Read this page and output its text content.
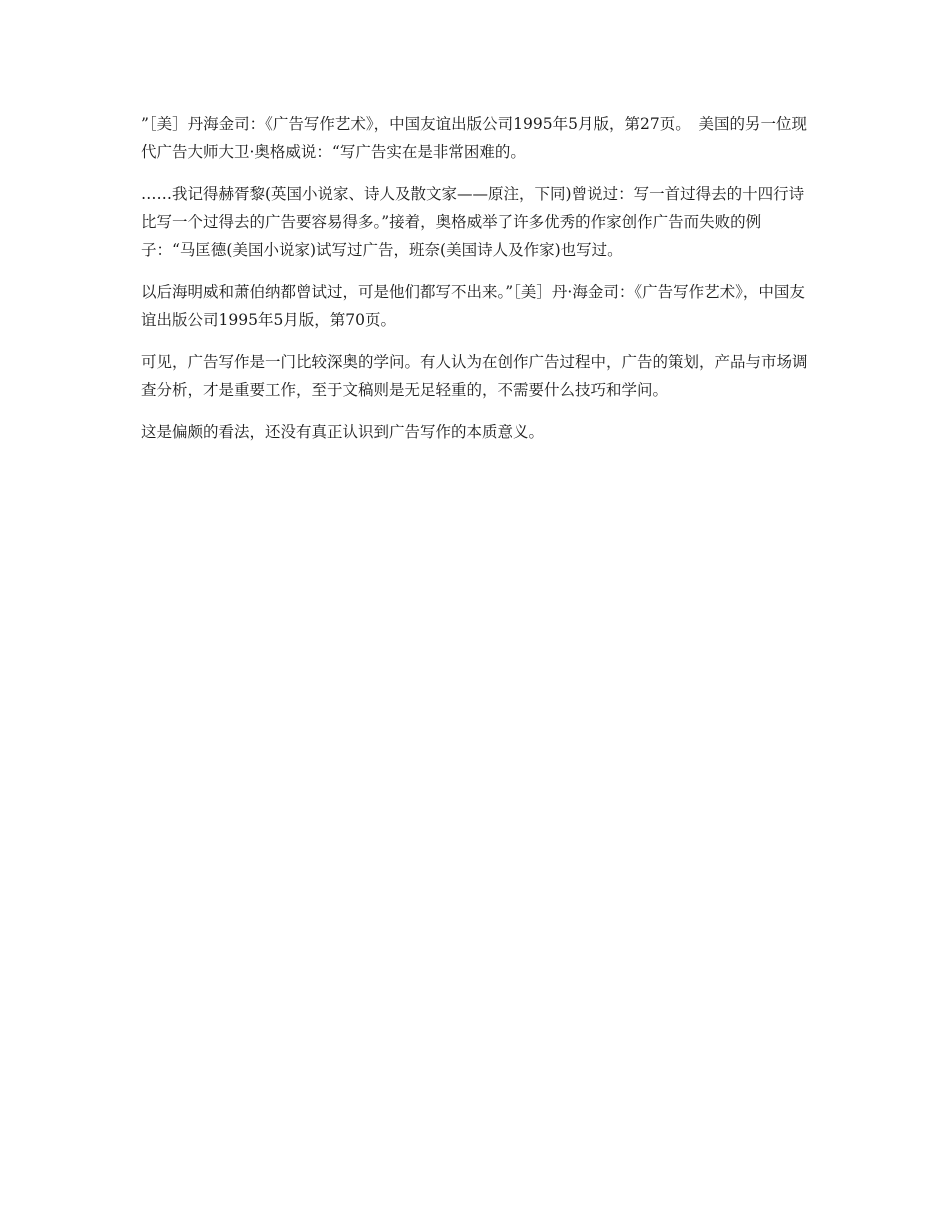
”［美］丹海金司：《广告写作艺术》，中国友谊出版公司1995年5月版，第27页。　美国的另一位现代广告大师大卫·奥格威说：“写广告实在是非常困难的。

……我记得赫胥黎(英国小说家、诗人及散文家——原注，下同)曾说过：写一首过得去的十四行诗比写一个过得去的广告要容易得多。”接着，奥格威举了许多优秀的作家创作广告而失败的例子：“马匡德(美国小说家)试写过广告，班奈(美国诗人及作家)也写过。

以后海明威和萧伯纳都曾试过，可是他们都写不出来。”［美］丹·海金司：《广告写作艺术》，中国友谊出版公司1995年5月版，第70页。

可见，广告写作是一门比较深奥的学问。有人认为在创作广告过程中，广告的策划，产品与市场调查分析，才是重要工作，至于文稿则是无足轻重的，不需要什么技巧和学问。

这是偏颇的看法，还没有真正认识到广告写作的本质意义。
